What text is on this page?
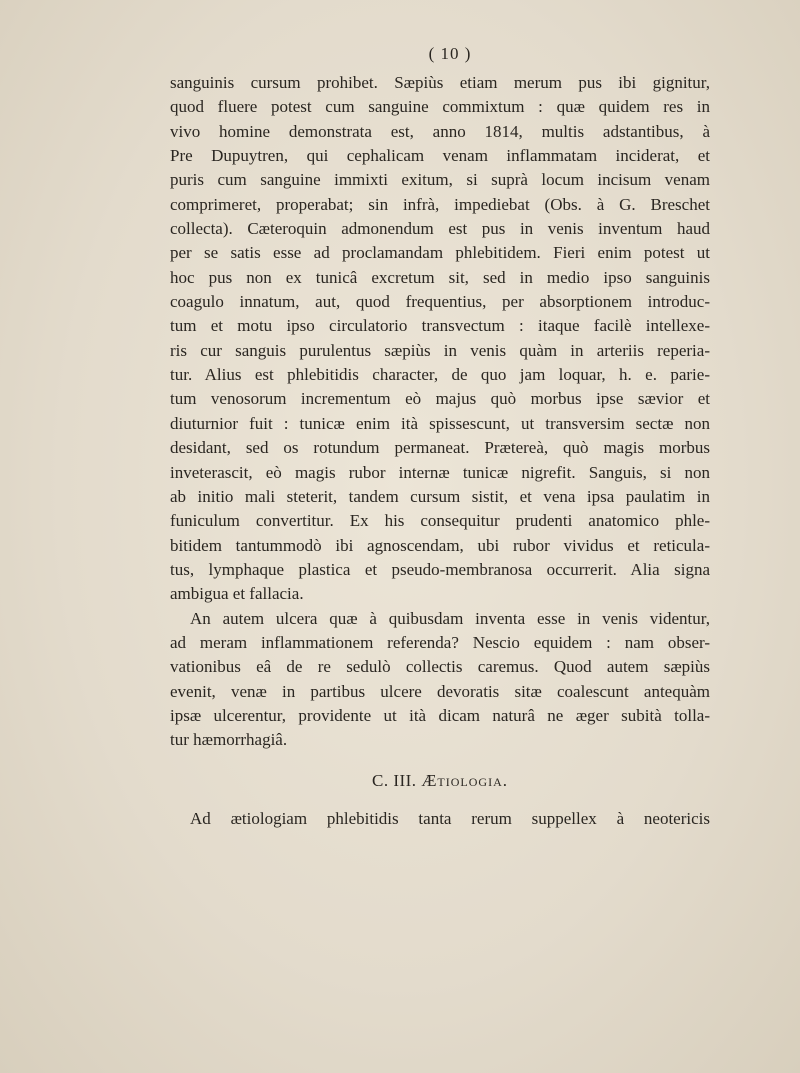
( 10 )
sanguinis cursum prohibet. Sæpiùs etiam merum pus ibi gignitur,
quod fluere potest cum sanguine commixtum : quæ quidem res in
vivo homine demonstrata est, anno 1814, multis adstantibus, à
Pre Dupuytren, qui cephalicam venam inflammatam inciderat, et
puris cum sanguine immixti exitum, si suprà locum incisum venam
comprimeret, properabat; sin infrà, impediebat (Obs. à G. Breschet
collecta). Cæteroquin admonendum est pus in venis inventum haud
per se satis esse ad proclamandam phlebitidem. Fieri enim potest ut
hoc pus non ex tunicâ excretum sit, sed in medio ipso sanguinis
coagulo innatum, aut, quod frequentius, per absorptionem introduc-
tum et motu ipso circulatorio transvectum : itaque facilè intellexe-
ris cur sanguis purulentus sæpiùs in venis quàm in arteriis reperia-
tur. Alius est phlebitidis character, de quo jam loquar, h. e. parie-
tum venosorum incrementum eò majus quò morbus ipse sævior et
diuturnior fuit : tunicæ enim ità spissescunt, ut transversim sectæ non
desidant, sed os rotundum permaneat. Prætereà, quò magis morbus
inveterascit, eò magis rubor internæ tunicæ nigrefit. Sanguis, si non
ab initio mali steterit, tandem cursum sistit, et vena ipsa paulatim in
funiculum convertitur. Ex his consequitur prudenti anatomico phle-
bitidem tantummodò ibi agnoscendam, ubi rubor vividus et reticula-
tus, lymphaque plastica et pseudo-membranosa occurrerit. Alia signa
ambigua et fallacia.
An autem ulcera quæ à quibusdam inventa esse in venis videntur,
ad meram inflammationem referenda? Nescio equidem : nam obser-
vationibus eâ de re sedulò collectis caremus. Quod autem sæpiùs
evenit, venæ in partibus ulcere devoratis sitæ coalescunt antequàm
ipsæ ulcerentur, providente ut ità dicam naturâ ne æger subità tolla-
tur hæmorrhagiâ.
C. III. Ætiologia.
Ad ætiologiam phlebitidis tanta rerum suppellex à neotericis
